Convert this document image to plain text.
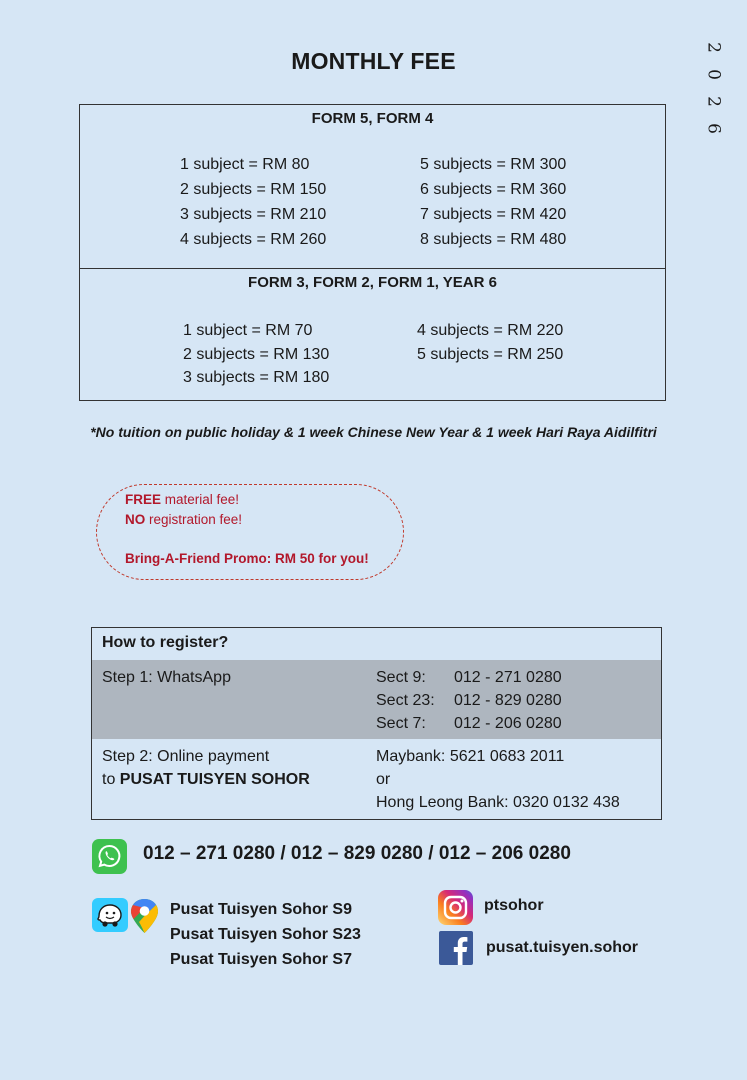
MONTHLY FEE
2
0
2
6
FORM 5, FORM 4
1 subject = RM 80
2 subjects = RM 150
3 subjects = RM 210
4 subjects = RM 260
5 subjects = RM 300
6 subjects = RM 360
7 subjects = RM 420
8 subjects = RM 480
FORM 3, FORM 2, FORM 1, YEAR 6
1 subject = RM 70
2 subjects = RM 130
3 subjects = RM 180
4 subjects = RM 220
5 subjects = RM 250
*No tuition on public holiday & 1 week Chinese New Year & 1 week Hari Raya Aidilfitri
FREE material fee!
NO registration fee!
Bring-A-Friend Promo: RM 50 for you!
How to register?
Step 1: WhatsApp	Sect 9: 012 - 271 0280
Sect 23: 012 - 829 0280
Sect 7: 012 - 206 0280
Step 2: Online payment
to PUSAT TUISYEN SOHOR
Maybank: 5621 0683 2011
or
Hong Leong Bank: 0320 0132 438
012 – 271 0280 / 012 – 829 0280 / 012 – 206 0280
Pusat Tuisyen Sohor S9
Pusat Tuisyen Sohor S23
Pusat Tuisyen Sohor S7
ptsohor
pusat.tuisyen.sohor
